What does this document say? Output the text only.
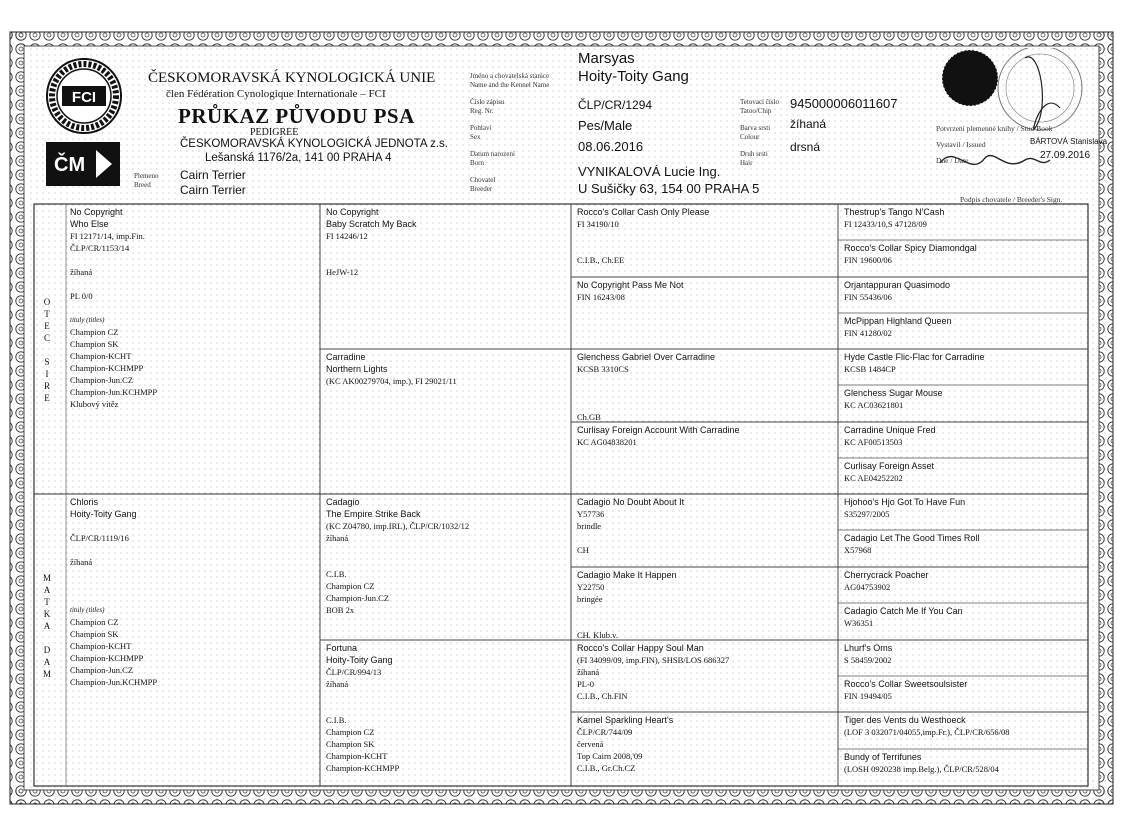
FCI
ČM
ČESKOMORAVSKÁ KYNOLOGICKÁ UNIE
člen Fédération Cynologique Internationale – FCI
PRŮKAZ PŮVODU PSA
PEDIGREE
ČESKOMORAVSKÁ KYNOLOGICKÁ JEDNOTA z.s.
Lešanská 1176/2a, 141 00 PRAHA 4
Plemeno
Breed
Cairn Terrier
Cairn Terrier
Jméno a chovatelská stanice
Name and the Kennel Name
Číslo zápisu
Reg. Nr.
Pohlaví
Sex
Datum narození
Born
Chovatel
Breeder
Marsyas
Hoity-Toity Gang
ČLP/CR/1294
Pes/Male
08.06.2016
VYNIKALOVÁ Lucie Ing.
U Sušičky 63, 154 00 PRAHA 5
Tetovací číslo
Tatoo/Chip
Barva srsti
Colour
Druh srsti
Hair
945000006011607
žíhaná
drsná
Potvrzení plemenné knihy / Stud Book
Vystavil / Issued	BÁRTOVÁ Stanislava
Dne / Date	27.09.2016
Podpis chovatele / Breeder's Sign.
O
T
E
C
S
I
R
E
M
A
T
K
A
D
A
M
No Copyright
Who Else
FI 12171/14, imp.Fin.
ČLP/CR/1153/14

žíhaná

PL 0/0

tituly (titles)
Champion CZ
Champion SK
Champion-KCHT
Champion-KCHMPP
Champion-Jun.CZ
Champion-Jun.KCHMPP
Klubový vítěz
Chloris
Hoity-Toity Gang

ČLP/CR/1119/16

žíhaná

tituly (titles)
Champion CZ
Champion SK
Champion-KCHT
Champion-KCHMPP
Champion-Jun.CZ
Champion-Jun.KCHMPP
No Copyright
Baby Scratch My Back
FI 14246/12

HeJW-12
Carradine
Northern Lights
(KC AK00279704, imp.), FI 29021/11
Cadagio
The Empire Strike Back
(KC Z04780, imp.IRL), ČLP/CR/1032/12
žíhaná

C.I.B.
Champion CZ
Champion-Jun.CZ
BOB 2x
Fortuna
Hoity-Toity Gang
ČLP/CR/994/13
žíhaná

C.I.B.
Champion CZ
Champion SK
Champion-KCHT
Champion-KCHMPP
Rocco's Collar Cash Only Please
FI 34190/10

C.I.B., Ch.EE
No Copyright Pass Me Not
FIN 16243/08
Glenchess Gabriel Over Carradine
KCSB 3310CS

Ch.GB
Curlisay Foreign Account With Carradine
KC AG04838201
Cadagio No Doubt About It
Y57736
brindle

CH
Cadagio Make It Happen
Y22750
bringée

CH. Klub.v.
Rocco's Collar Happy Soul Man
(FI 34099/09, imp.FIN), SHSB/LOS 686327
žíhaná
PL-0
C.I.B., Ch.FIN
Kamel Sparkling Heart's
ČLP/CR/744/09
červená
Top Cairn 2008,'09
C.I.B., Gr.Ch.CZ
Thestrup's Tango N'Cash
FI 12433/10,S 47128/09
Rocco's Collar Spicy Diamondgal
FIN 19600/06
Orjantappuran Quasimodo
FIN 55436/06
McPippan Highland Queen
FIN 41280/02
Hyde Castle Flic-Flac for Carradine
KCSB 1484CP
Glenchess Sugar Mouse
KC AC03621801
Carradine Unique Fred
KC AF00513503
Curlisay Foreign Asset
KC AE04252202
Hjohoo's Hjo Got To Have Fun
S35297/2005
Cadagio Let The Good Times Roll
X57968
Cherrycrack Poacher
AG04753902
Cadagio Catch Me If You Can
W36351
Lhurf's Oms
S 58459/2002
Rocco's Collar Sweetsoulsister
FIN 19494/05
Tiger des Vents du Westhoeck
(LOF 3 032071/04055,imp.Fr.), ČLP/CR/656/08
Bundy of Terrifunes
(LOSH 0920238 imp.Belg.), ČLP/CR/528/04
